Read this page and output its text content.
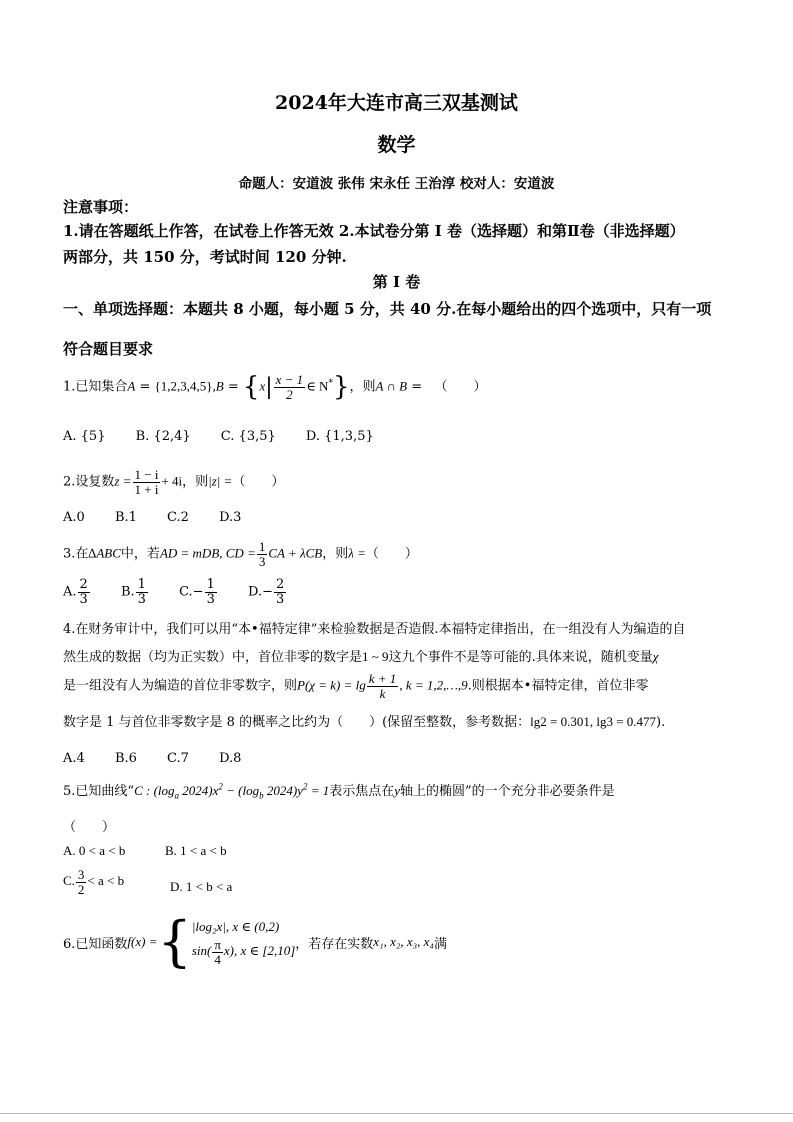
2024年大连市高三双基测试
数学
命题人：安道波 张伟 宋永任 王治淳 校对人：安道波
注意事项：
1.请在答题纸上作答，在试卷上作答无效 2.本试卷分第 I 卷（选择题）和第Ⅱ卷（非选择题）
两部分，共 150 分，考试时间 120 分钟.
第 I 卷
一、单项选择题：本题共 8 小题，每小题 5 分，共 40 分.在每小题给出的四个选项中，只有一项
符合题目要求
1.已知集合$A = \{1,2,3,4,5\},B = \{x| \frac{x - 1}{2}$ ∈ N*}，则A ∩ B =   （　　）
A. {5} B. {2,4} C. {3,5} D. {1,3,5}
2.设复数$z = \frac{1 - i}{1 + i} + 4i$，则|z| =（　　）
A.0 B.1 C.2 D.3
3.在∆ABC中，若AD = mDB, CD = $\frac{1}{3}$ CA + λCB，则λ =（　　）
A. $\frac{2}{3} B$. $\frac{1}{3} C.- \frac{1}{3} D.- \frac{2}{3}$
4.在财务审计中，我们可以用“本•福特定律”来检验数据是否造假.本福特定律指出，在一组没有人为编造的自
然生成的数据（均为正实数）中，首位非零的数字是1 ~ 9这九个事件不是等可能的.具体来说，随机变量χ
是一组没有人为编造的首位非零数字，则$P(\chi = k) = \lg \frac{k + 1}{k}$ , k = 1,2,…,9.则根据本•福特定律，首位非零
数字是 1 与首位非零数字是 8 的概率之比约为（　　）(保留至整数，参考数据：lg2 = 0.301, lg3 = 0.477).
A.4 B.6 C.7 D.8
5.已知曲线“C : ($\log_a$ $2024)x^2 - (\log_b$ $2024)y^2 = 1$表示焦点在y轴上的椭圆”的一个充分非必要条件是
（　　）
A. 0 < a < b	B. 1 < a < b
C. $\frac{3}{2} < a < b$	D. 1 < b < a
6.已知函数f(x) ={ |log₂x|, x ∈ (0,2)
$\sin( \frac{\pi}{4} x)$, x ∈ [2,10] ，若存在实数x₁, x₂, x₃, x₄满
